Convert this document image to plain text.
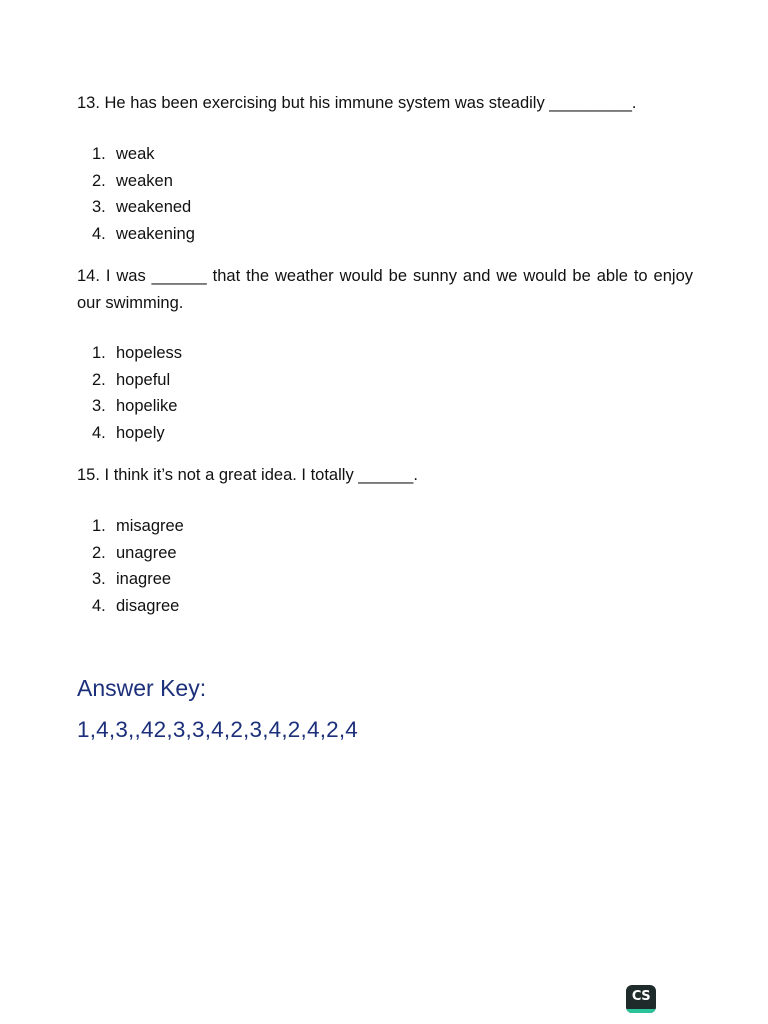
13. He has been exercising but his immune system was steadily _________.

1. weak
2. weaken
3. weakened
4. weakening

14. I was ______ that the weather would be sunny and we would be able to enjoy our swimming.

1. hopeless
2. hopeful
3. hopelike
4. hopely

15. I think it’s not a great idea. I totally ______.

1. misagree
2. unagree
3. inagree
4. disagree
Answer Key:

1,4,3,,42,3,3,4,2,3,4,2,4,2,4

CS
